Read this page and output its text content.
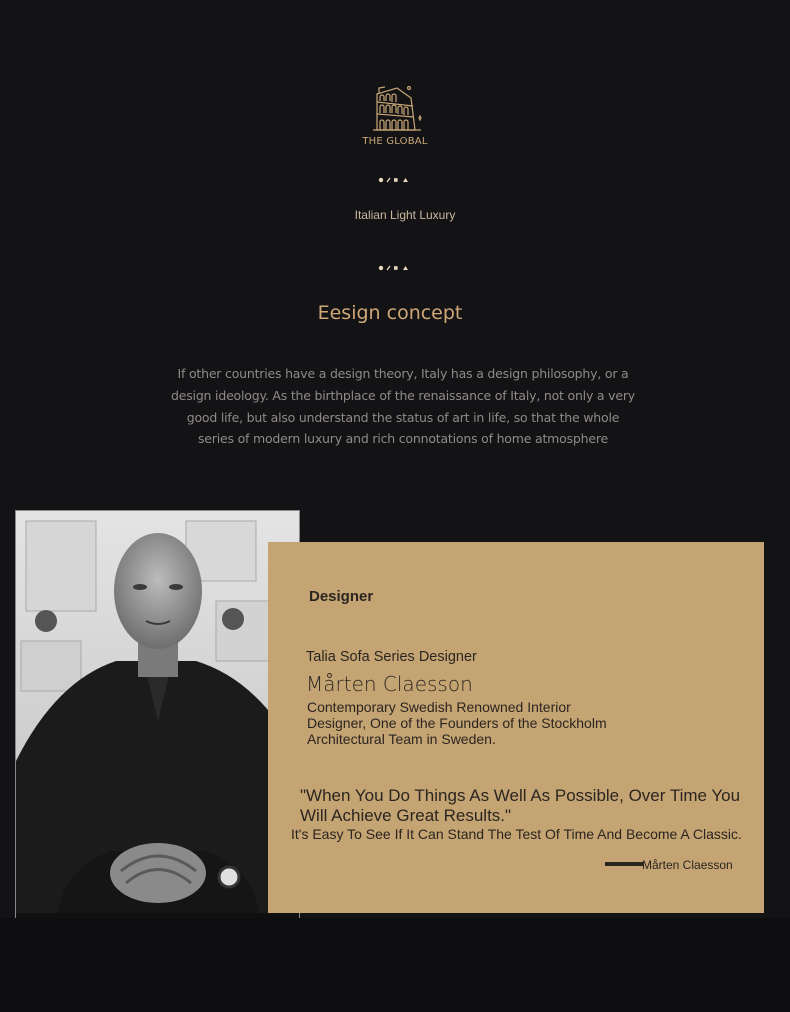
THE GLOBAL
Italian Light Luxury
Eesign concept
If other countries have a design theory, Italy has a design philosophy, or a design ideology. As the birthplace of the renaissance of Italy, not only a very good life, but also understand the status of art in life, so that the whole series of modern luxury and rich connotations of home atmosphere
Designer
Talia Sofa Series Designer
Mårten Claesson
Contemporary Swedish Renowned Interior Designer, One of the Founders of the Stockholm Architectural Team in Sweden.
"When You Do Things As Well As Possible, Over Time You Will Achieve Great Results."
It's Easy To See If It Can Stand The Test Of Time And Become A Classic.
Mårten Claesson
